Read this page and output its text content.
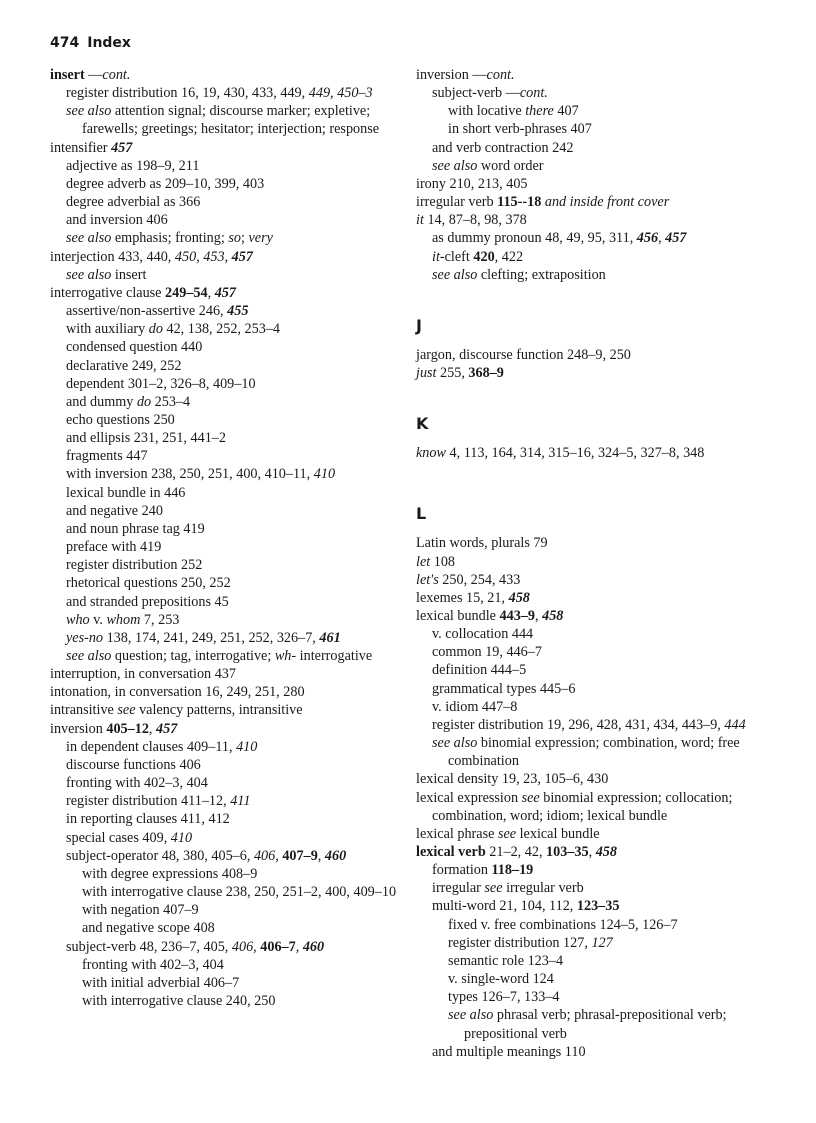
474 Index
insert —cont.
register distribution 16, 19, 430, 433, 449, 449, 450–3
see also attention signal; discourse marker; expletive; farewells; greetings; hesitator; interjection; response
intensifier 457
adjective as 198–9, 211
degree adverb as 209–10, 399, 403
degree adverbial as 366
and inversion 406
see also emphasis; fronting; so; very
interjection 433, 440, 450, 453, 457
see also insert
interrogative clause 249–54, 457
assertive/non-assertive 246, 455
with auxiliary do 42, 138, 252, 253–4
condensed question 440
declarative 249, 252
dependent 301–2, 326–8, 409–10
and dummy do 253–4
echo questions 250
and ellipsis 231, 251, 441–2
fragments 447
with inversion 238, 250, 251, 400, 410–11, 410
lexical bundle in 446
and negative 240
and noun phrase tag 419
preface with 419
register distribution 252
rhetorical questions 250, 252
and stranded prepositions 45
who v. whom 7, 253
yes-no 138, 174, 241, 249, 251, 252, 326–7, 461
see also question; tag, interrogative; wh- interrogative
interruption, in conversation 437
intonation, in conversation 16, 249, 251, 280
intransitive see valency patterns, intransitive
inversion 405–12, 457
in dependent clauses 409–11, 410
discourse functions 406
fronting with 402–3, 404
register distribution 411–12, 411
in reporting clauses 411, 412
special cases 409, 410
subject-operator 48, 380, 405–6, 406, 407–9, 460
with degree expressions 408–9
with interrogative clause 238, 250, 251–2, 400, 409–10
with negation 407–9
and negative scope 408
subject-verb 48, 236–7, 405, 406, 406–7, 460
fronting with 402–3, 404
with initial adverbial 406–7
with interrogative clause 240, 250
inversion —cont.
subject-verb —cont.
with locative there 407
in short verb-phrases 407
and verb contraction 242
see also word order
irony 210, 213, 405
irregular verb 115--18 and inside front cover
it 14, 87–8, 98, 378
as dummy pronoun 48, 49, 95, 311, 456, 457
it-cleft 420, 422
see also clefting; extraposition
J
jargon, discourse function 248–9, 250
just 255, 368–9
K
know 4, 113, 164, 314, 315–16, 324–5, 327–8, 348
L
Latin words, plurals 79
let 108
let's 250, 254, 433
lexemes 15, 21, 458
lexical bundle 443–9, 458
v. collocation 444
common 19, 446–7
definition 444–5
grammatical types 445–6
v. idiom 447–8
register distribution 19, 296, 428, 431, 434, 443–9, 444
see also binomial expression; combination, word; free combination
lexical density 19, 23, 105–6, 430
lexical expression see binomial expression; collocation; combination, word; idiom; lexical bundle
lexical phrase see lexical bundle
lexical verb 21–2, 42, 103–35, 458
formation 118–19
irregular see irregular verb
multi-word 21, 104, 112, 123–35
fixed v. free combinations 124–5, 126–7
register distribution 127, 127
semantic role 123–4
v. single-word 124
types 126–7, 133–4
see also phrasal verb; phrasal-prepositional verb; prepositional verb
and multiple meanings 110
